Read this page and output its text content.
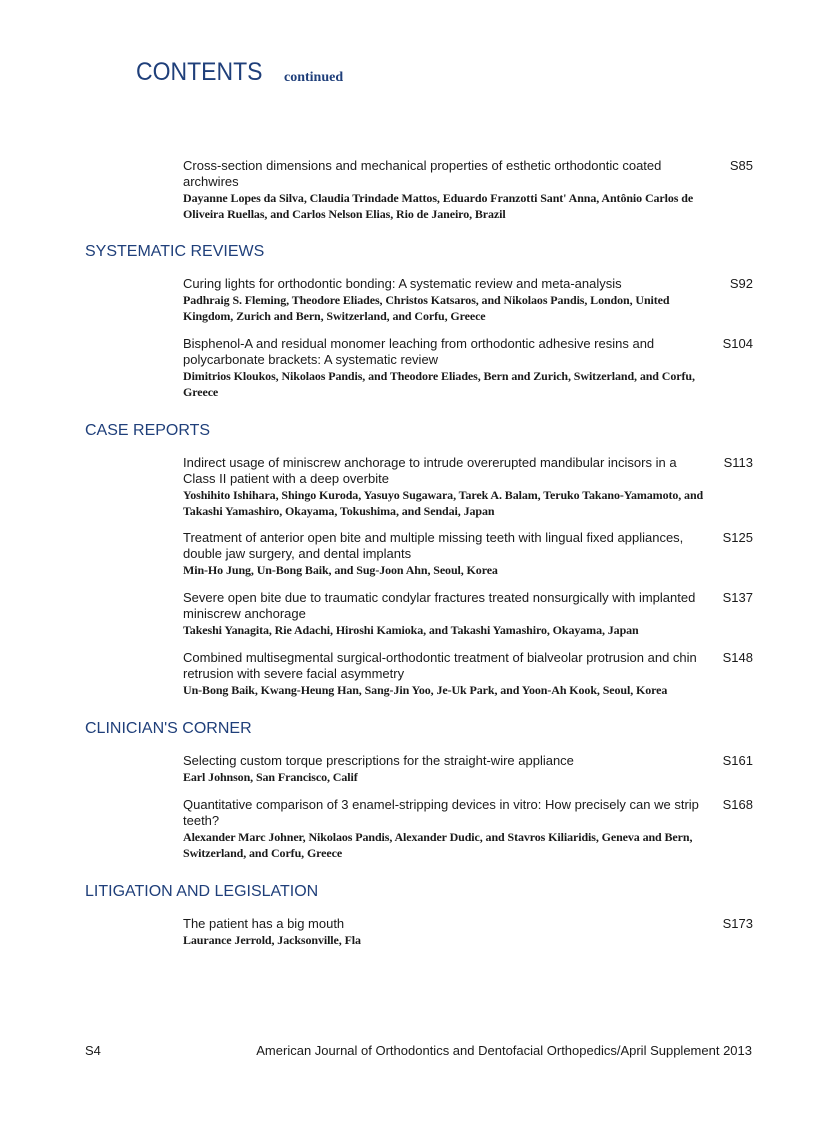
CONTENTS continued
Cross-section dimensions and mechanical properties of esthetic orthodontic coated archwires
Dayanne Lopes da Silva, Claudia Trindade Mattos, Eduardo Franzotti Sant' Anna, Antônio Carlos de Oliveira Ruellas, and Carlos Nelson Elias, Rio de Janeiro, Brazil
S85
SYSTEMATIC REVIEWS
Curing lights for orthodontic bonding: A systematic review and meta-analysis
Padhraig S. Fleming, Theodore Eliades, Christos Katsaros, and Nikolaos Pandis, London, United Kingdom, Zurich and Bern, Switzerland, and Corfu, Greece
S92
Bisphenol-A and residual monomer leaching from orthodontic adhesive resins and polycarbonate brackets: A systematic review
Dimitrios Kloukos, Nikolaos Pandis, and Theodore Eliades, Bern and Zurich, Switzerland, and Corfu, Greece
S104
CASE REPORTS
Indirect usage of miniscrew anchorage to intrude overerupted mandibular incisors in a Class II patient with a deep overbite
Yoshihito Ishihara, Shingo Kuroda, Yasuyo Sugawara, Tarek A. Balam, Teruko Takano-Yamamoto, and Takashi Yamashiro, Okayama, Tokushima, and Sendai, Japan
S113
Treatment of anterior open bite and multiple missing teeth with lingual fixed appliances, double jaw surgery, and dental implants
Min-Ho Jung, Un-Bong Baik, and Sug-Joon Ahn, Seoul, Korea
S125
Severe open bite due to traumatic condylar fractures treated nonsurgically with implanted miniscrew anchorage
Takeshi Yanagita, Rie Adachi, Hiroshi Kamioka, and Takashi Yamashiro, Okayama, Japan
S137
Combined multisegmental surgical-orthodontic treatment of bialveolar protrusion and chin retrusion with severe facial asymmetry
Un-Bong Baik, Kwang-Heung Han, Sang-Jin Yoo, Je-Uk Park, and Yoon-Ah Kook, Seoul, Korea
S148
CLINICIAN'S CORNER
Selecting custom torque prescriptions for the straight-wire appliance
Earl Johnson, San Francisco, Calif
S161
Quantitative comparison of 3 enamel-stripping devices in vitro: How precisely can we strip teeth?
Alexander Marc Johner, Nikolaos Pandis, Alexander Dudic, and Stavros Kiliaridis, Geneva and Bern, Switzerland, and Corfu, Greece
S168
LITIGATION AND LEGISLATION
The patient has a big mouth
Laurance Jerrold, Jacksonville, Fla
S173
S4	American Journal of Orthodontics and Dentofacial Orthopedics/April Supplement 2013
